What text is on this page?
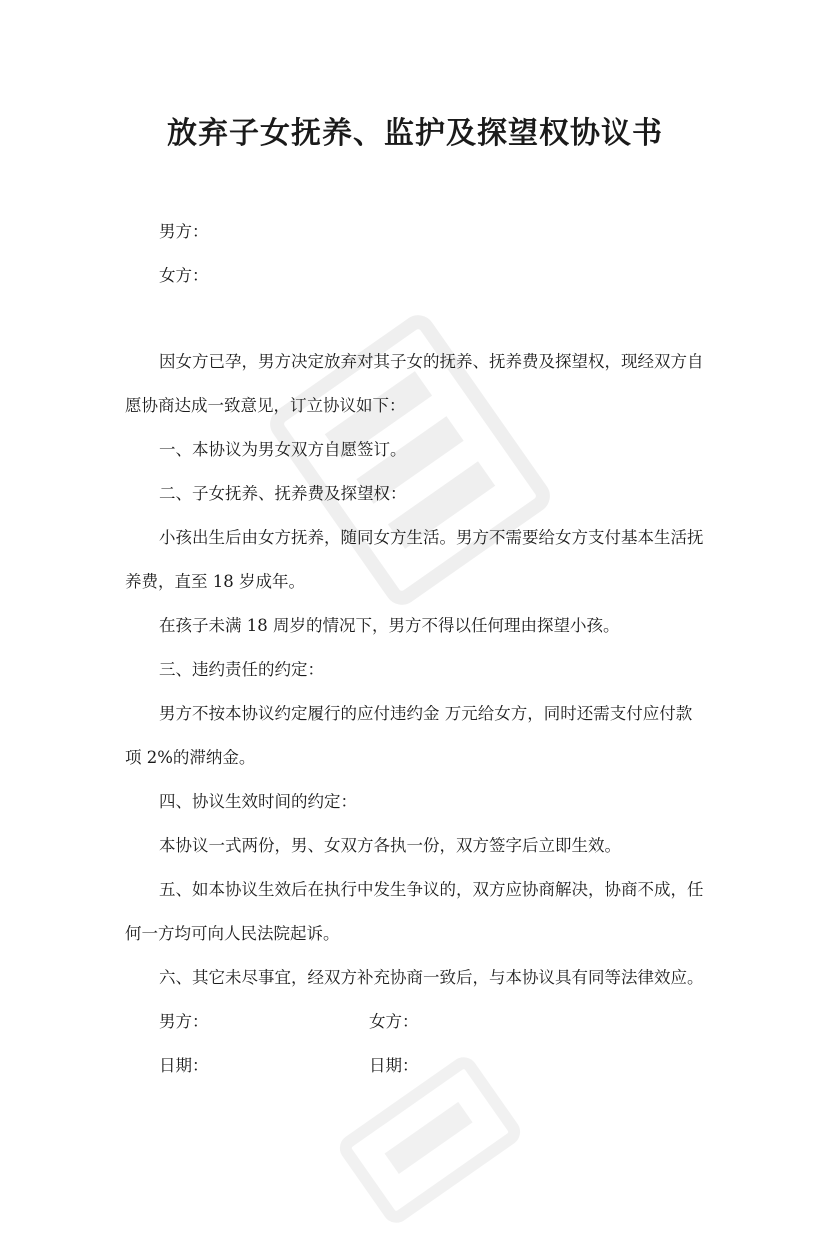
放弃子女抚养、监护及探望权协议书

男方：

女方：

因女方已孕，男方决定放弃对其子女的抚养、抚养费及探望权，现经双方自

愿协商达成一致意见，订立协议如下：

一、本协议为男女双方自愿签订。

二、子女抚养、抚养费及探望权：

小孩出生后由女方抚养，随同女方生活。男方不需要给女方支付基本生活抚

养费，直至 18 岁成年。

在孩子未满 18 周岁的情况下，男方不得以任何理由探望小孩。

三、违约责任的约定：

男方不按本协议约定履行的应付违约金 万元给女方，同时还需支付应付款

项 2%的滞纳金。

四、协议生效时间的约定：

本协议一式两份，男、女双方各执一份，双方签字后立即生效。

五、如本协议生效后在执行中发生争议的，双方应协商解决，协商不成，任

何一方均可向人民法院起诉。

六、其它未尽事宜，经双方补充协商一致后，与本协议具有同等法律效应。

男方：	女方：

日期：	日期：
